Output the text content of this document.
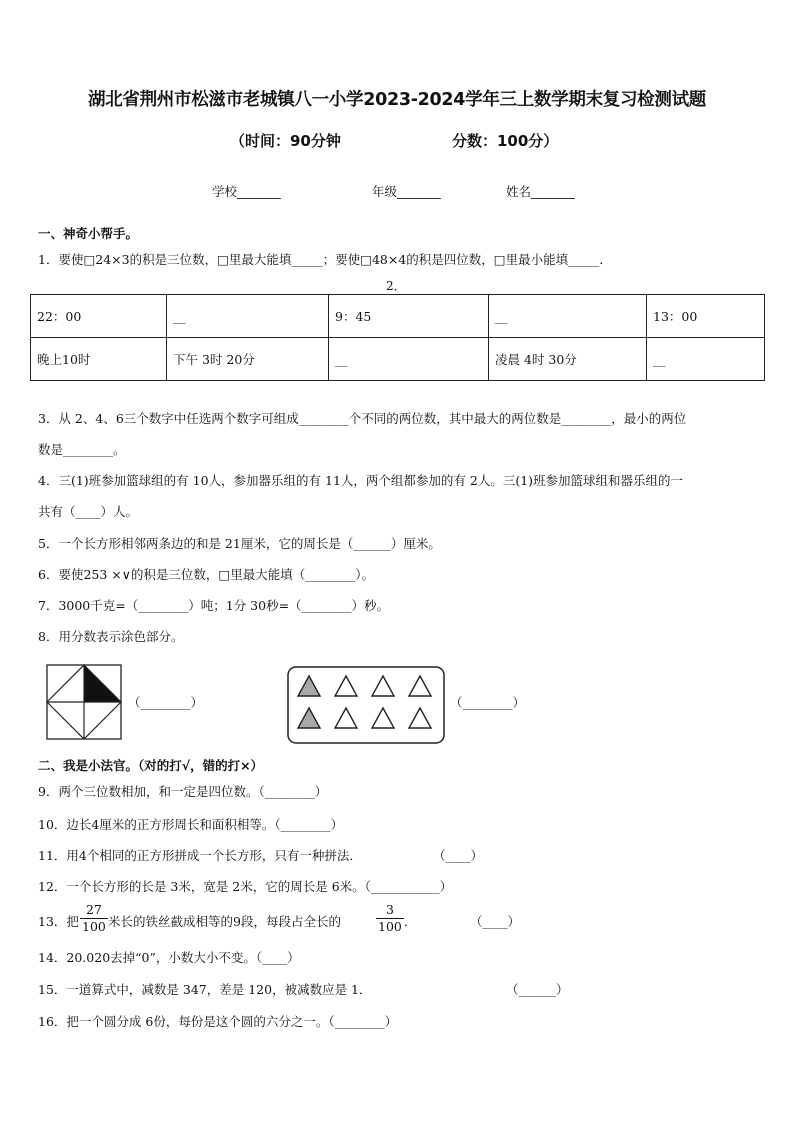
湖北省荆州市松滋市老城镇八一小学2023-2024学年三上数学期末复习检测试题
（时间：90分钟	分数：100分）
学校_______	年级_______	姓名_______
一、神奇小帮手。
1．要使□24×3的积是三位数，□里最大能填_____；要使□48×4的积是四位数，□里最小能填_____．
2．
22：00	__	9：45	__	13：00
晚上10时	下午 3时 20分	__	凌晨 4时 30分	__
3．从 2、4、6三个数字中任选两个数字可组成________个不同的两位数，其中最大的两位数是________，最小的两位
数是________。
4．三(1)班参加篮球组的有 10人，参加器乐组的有 11人，两个组都参加的有 2人。三(1)班参加篮球组和器乐组的一
共有（____）人。
5．一个长方形相邻两条边的和是 21厘米，它的周长是（______）厘米。
6．要使253 ×∨的积是三位数，□里最大能填（________）。
7．3000千克=（________）吨；1分 30秒=（________）秒。
8．用分数表示涂色部分。
（________）	（________）
二、我是小法官。（对的打√，错的打×）
9．两个三位数相加，和一定是四位数。（________）
10．边长4厘米的正方形周长和面积相等。（________）
11．用4个相同的正方形拼成一个长方形，只有一种拼法．	（____）
12．一个长方形的长是 3米，宽是 2米，它的周长是 6米。（___________）
13．把 $\frac{27}{100}$ 米长的铁丝截成相等的9段，每段占全长的	$\frac{3}{100}$ ．	（____）
14．20.020去掉“0”，小数大小不变。（____）
15．一道算式中，减数是 347，差是 120，被减数应是 1．	（______）
16．把一个圆分成 6份，每份是这个圆的六分之一。（________）
